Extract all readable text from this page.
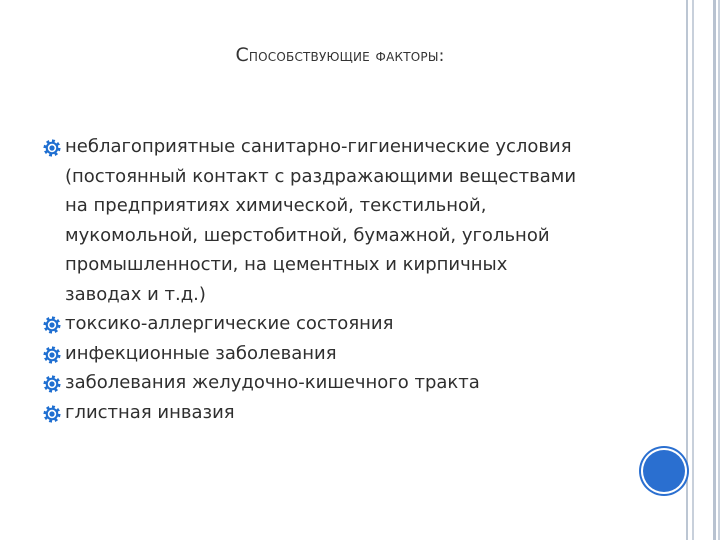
Способствующие факторы:
неблагоприятные санитарно-гигиенические условия
(постоянный контакт с раздражающими веществами
на предприятиях химической, текстильной,
мукомольной, шерстобитной, бумажной, угольной
промышленности, на цементных и кирпичных
заводах и т.д.)
токсико-аллергические состояния
инфекционные заболевания
заболевания желудочно-кишечного тракта
глистная инвазия
